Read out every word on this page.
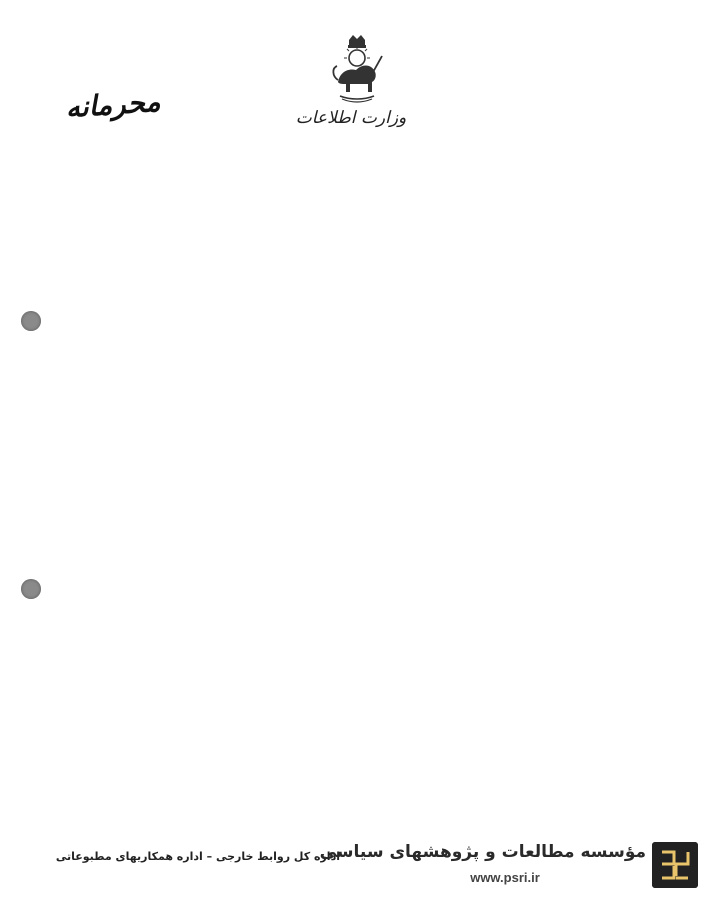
وزارت اطلاعات
محرمانه
اداره کل روابط خارجی – اداره همکاریهای مطبوعاتی
مؤسسه مطالعات و پژوهشهای سیاسی
www.psri.ir
